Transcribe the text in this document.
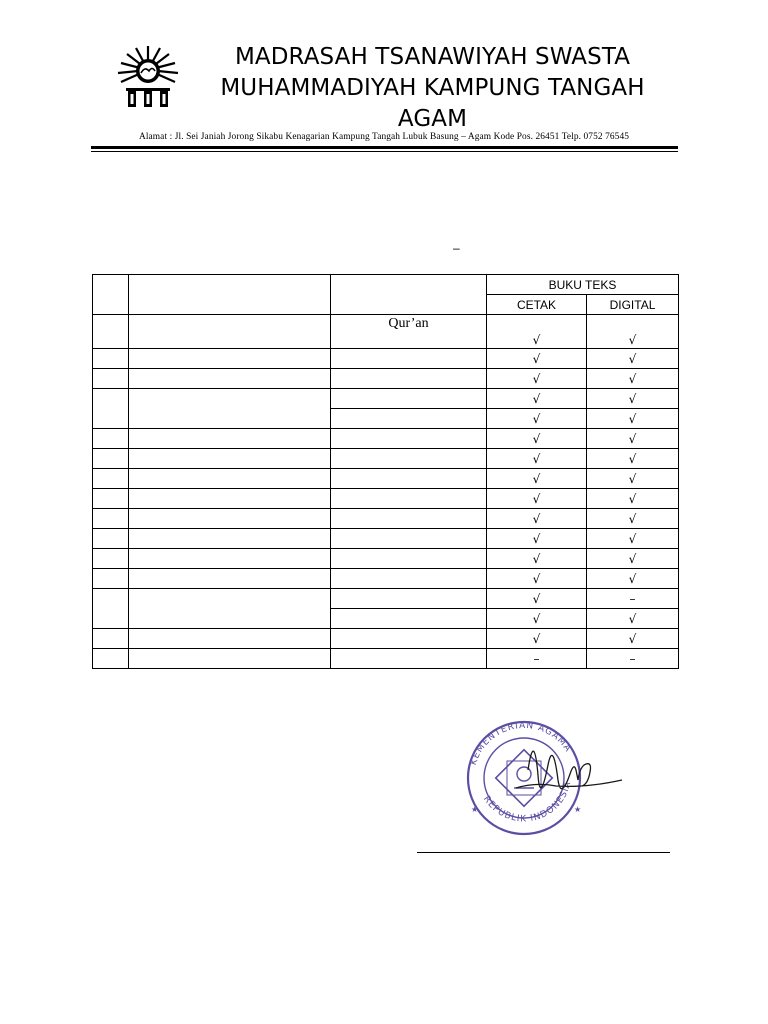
MADRASAH TSANAWIYAH SWASTA
MUHAMMADIYAH KAMPUNG TANGAH
AGAM
Alamat : Jl. Sei Janiah Jorong Sikabu Kenagarian Kampung Tangah Lubuk Basung – Agam Kode Pos. 26451 Telp. 0752 76545
–
			BUKU TEKS	
			CETAK	DIGITAL
		Qur’an	√	√
			√	√
			√	√
			√	√
			√	√
			√	√
			√	√
			√	√
			√	√
			√	√
			√	√
			√	√
			√	√
			√	–
			√	√
			√	√
			–	–
KEMENTERIAN AGAMA
REPUBLIK INDONESIA
★	★
